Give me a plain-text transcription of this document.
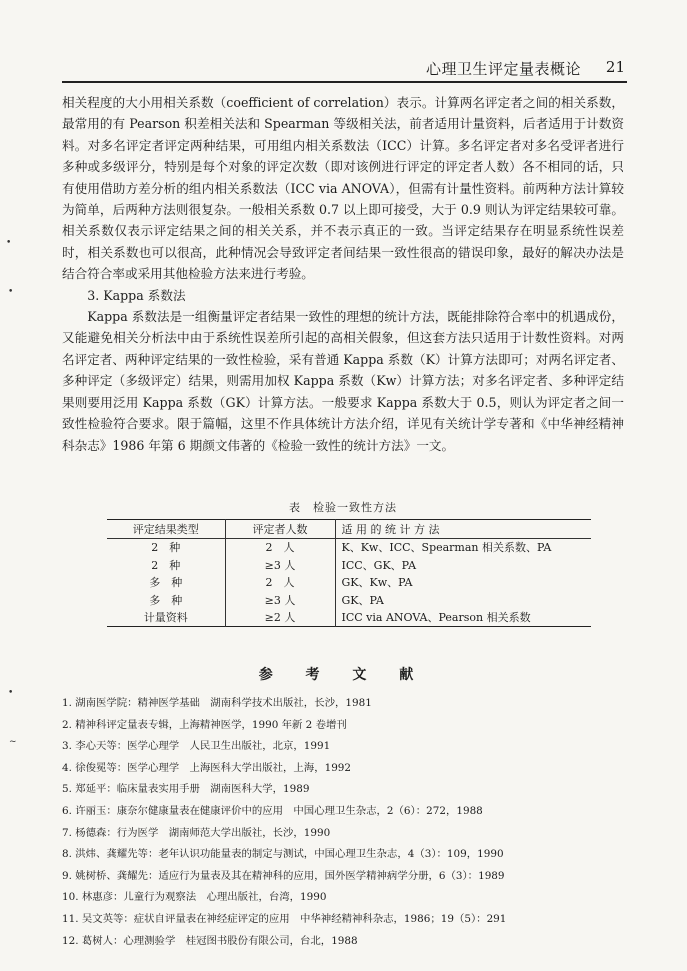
心理卫生评定量表概论 21

相关程度的大小用相关系数（coefficient of correlation）表示。计算两名评定者之间的相关系数，最常用的有 Pearson 积差相关法和 Spearman 等级相关法，前者适用计量资料，后者适用于计数资料。对多名评定者评定两种结果，可用组内相关系数法（ICC）计算。多名评定者对多名受评者进行多种或多级评分，特别是每个对象的评定次数（即对该例进行评定的评定者人数）各不相同的话，只有使用借助方差分析的组内相关系数法（ICC via ANOVA），但需有计量性资料。前两种方法计算较为简单，后两种方法则很复杂。一般相关系数 0.7 以上即可接受，大于 0.9 则认为评定结果较可靠。相关系数仅表示评定结果之间的相关关系，并不表示真正的一致。当评定结果存在明显系统性误差时，相关系数也可以很高，此种情况会导致评定者间结果一致性很高的错误印象，最好的解决办法是结合符合率或采用其他检验方法来进行考验。

3. Kappa 系数法

Kappa 系数法是一组衡量评定者结果一致性的理想的统计方法，既能排除符合率中的机遇成份，又能避免相关分析法中由于系统性误差所引起的高相关假象，但这套方法只适用于计数性资料。对两名评定者、两种评定结果的一致性检验，采有普通 Kappa 系数（K）计算方法即可；对两名评定者、多种评定（多级评定）结果，则需用加权 Kappa 系数（Kw）计算方法；对多名评定者、多种评定结果则要用泛用 Kappa 系数（GK）计算方法。一般要求 Kappa 系数大于 0.5，则认为评定者之间一致性检验符合要求。限于篇幅，这里不作具体统计方法介绍，详见有关统计学专著和《中华神经精神科杂志》1986 年第 6 期颜文伟著的《检验一致性的统计方法》一文。

表　检验一致性方法
评定结果类型	评定者人数	适 用 的 统 计 方 法
2　种	2　人	K、Kw、ICC、Spearman 相关系数、PA
2　种	≥3 人	ICC、GK、PA
多　种	2　人	GK、Kw、PA
多　种	≥3 人	GK、PA
计量资料	≥2 人	ICC via ANOVA、Pearson 相关系数
参 考 文 献
1. 湖南医学院：精神医学基础　湖南科学技术出版社，长沙，1981
2. 精神科评定量表专辑，上海精神医学，1990 年新 2 卷增刊
3. 李心天等：医学心理学　人民卫生出版社，北京，1991
4. 徐俊冕等：医学心理学　上海医科大学出版社，上海，1992
5. 郑延平：临床量表实用手册　湖南医科大学，1989
6. 许丽玉：康奈尔健康量表在健康评价中的应用　中国心理卫生杂志，2（6）：272，1988
7. 杨德森：行为医学　湖南师范大学出版社，长沙，1990
8. 洪炜、龚耀先等：老年认识功能量表的制定与测试，中国心理卫生杂志，4（3）：109，1990
9. 姚树桥、龚耀先：适应行为量表及其在精神科的应用，国外医学精神病学分册，6（3）：1989
10. 林惠彦：儿童行为观察法　心理出版社，台湾，1990
11. 吴文英等：症状自评量表在神经症评定的应用　中华神经精神科杂志，1986；19（5）：291
12. 葛树人：心理测验学　桂冠图书股份有限公司，台北，1988
•
•
•
~
